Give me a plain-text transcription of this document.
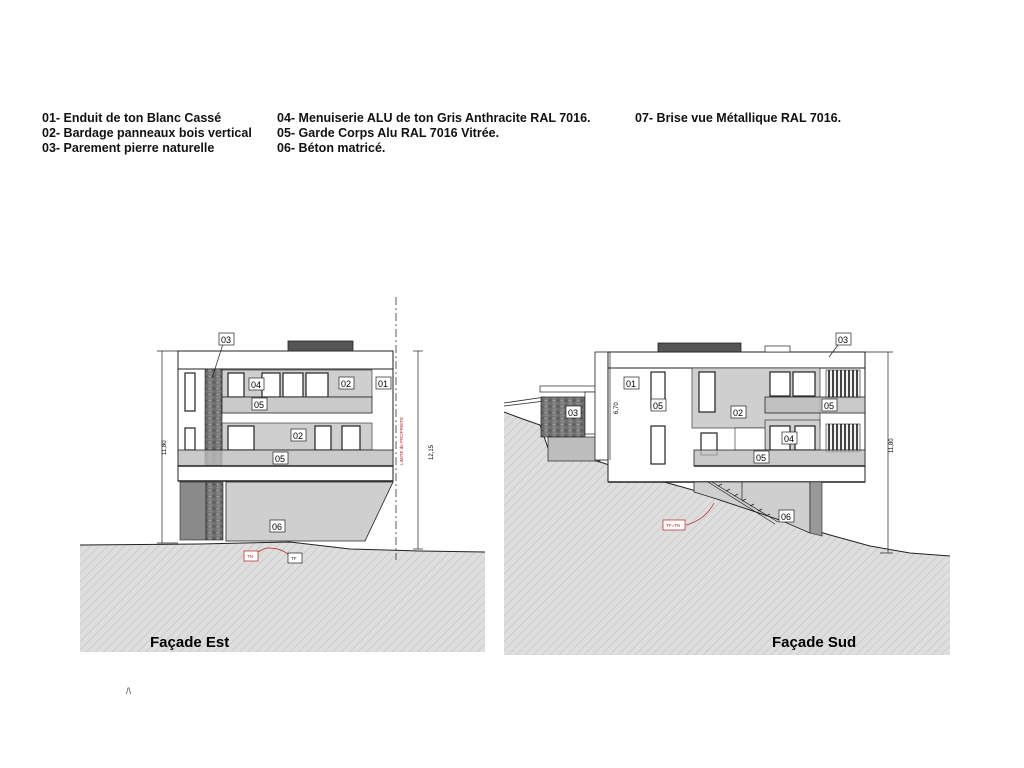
01- Enduit de ton Blanc Cassé
02- Bardage panneaux bois vertical
03- Parement pierre naturelle
04- Menuiserie ALU de ton Gris Anthracite RAL 7016.
05- Garde Corps Alu RAL 7016 Vitrée.
06- Béton matricé.
07- Brise vue Métallique RAL 7016.
11,80	LIMITE de PROPRIETE	12,15
03
04	02	01
05
02
05
06
TN	TF
Façade Est
6,70
11,80
03
01
05
03	02
05
04
05
06
TF=TN
Façade Sud
/\
